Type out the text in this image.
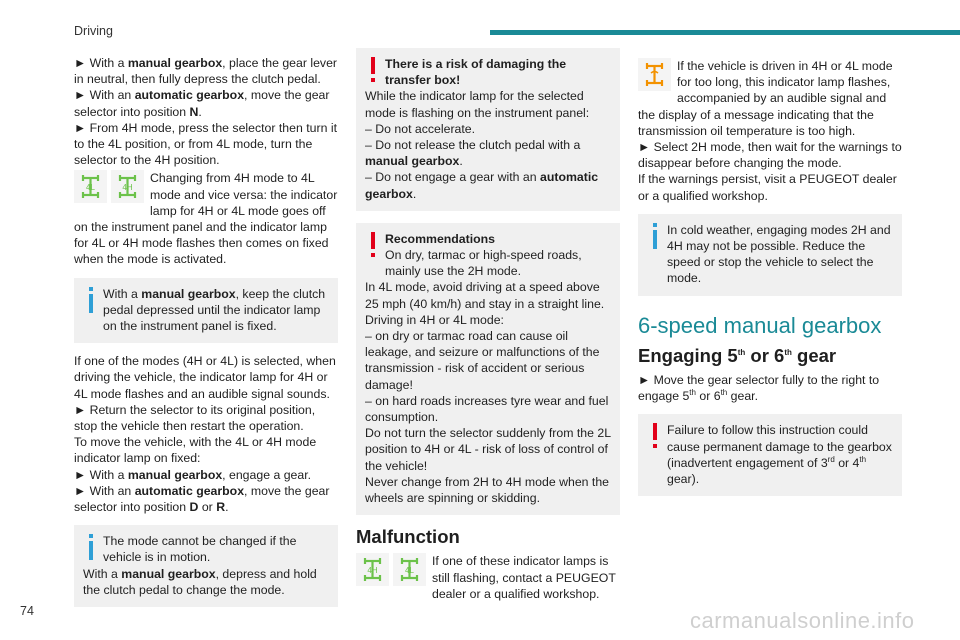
Driving

► With a manual gearbox, place the gear lever in neutral, then fully depress the clutch pedal.

► With an automatic gearbox, move the gear selector into position N.

► From 4H mode, press the selector then turn it to the 4L position, or from 4L mode, turn the selector to the 4H position.

4L	4H
Changing from 4H mode to 4L mode and vice versa: the indicator lamp for 4H or 4L mode goes off on the instrument panel and the indicator lamp for 4L or 4H mode flashes then comes on fixed when the mode is activated.
With a manual gearbox, keep the clutch pedal depressed until the indicator lamp on the instrument panel is fixed.

If one of the modes (4H or 4L) is selected, when driving the vehicle, the indicator lamp for 4H or 4L mode flashes and an audible signal sounds.

► Return the selector to its original position, stop the vehicle then restart the operation.

To move the vehicle, with the 4L or 4H mode indicator lamp on fixed:

► With a manual gearbox, engage a gear.

► With an automatic gearbox, move the gear selector into position D or R.

The mode cannot be changed if the vehicle is in motion.
With a manual gearbox, depress and hold the clutch pedal to change the mode.
There is a risk of damaging the transfer box!
While the indicator lamp for the selected mode is flashing on the instrument panel:
– Do not accelerate.
– Do not release the clutch pedal with a manual gearbox.
– Do not engage a gear with an automatic gearbox.
Recommendations
On dry, tarmac or high-speed roads, mainly use the 2H mode.
In 4L mode, avoid driving at a speed above 25 mph (40 km/h) and stay in a straight line.
Driving in 4H or 4L mode:
– on dry or tarmac road can cause oil leakage, and seizure or malfunctions of the transmission - risk of accident or serious damage!
– on hard roads increases tyre wear and fuel consumption.
Do not turn the selector suddenly from the 2L position to 4H or 4L - risk of loss of control of the vehicle!
Never change from 2H to 4H mode when the wheels are spinning or skidding.
Malfunction
4H	4L
If one of these indicator lamps is still flashing, contact a PEUGEOT dealer or a qualified workshop.
If the vehicle is driven in 4H or 4L mode for too long, this indicator lamp flashes, accompanied by an audible signal and the display of a message indicating that the transmission oil temperature is too high.

► Select 2H mode, then wait for the warnings to disappear before changing the mode.

If the warnings persist, visit a PEUGEOT dealer or a qualified workshop.

In cold weather, engaging modes 2H and 4H may not be possible. Reduce the speed or stop the vehicle to select the mode.
6-speed manual gearbox
Engaging 5th or 6th gear

► Move the gear selector fully to the right to engage 5th or 6th gear.

Failure to follow this instruction could cause permanent damage to the gearbox (inadvertent engagement of 3rd or 4th gear).
74	carmanualsonline.info
